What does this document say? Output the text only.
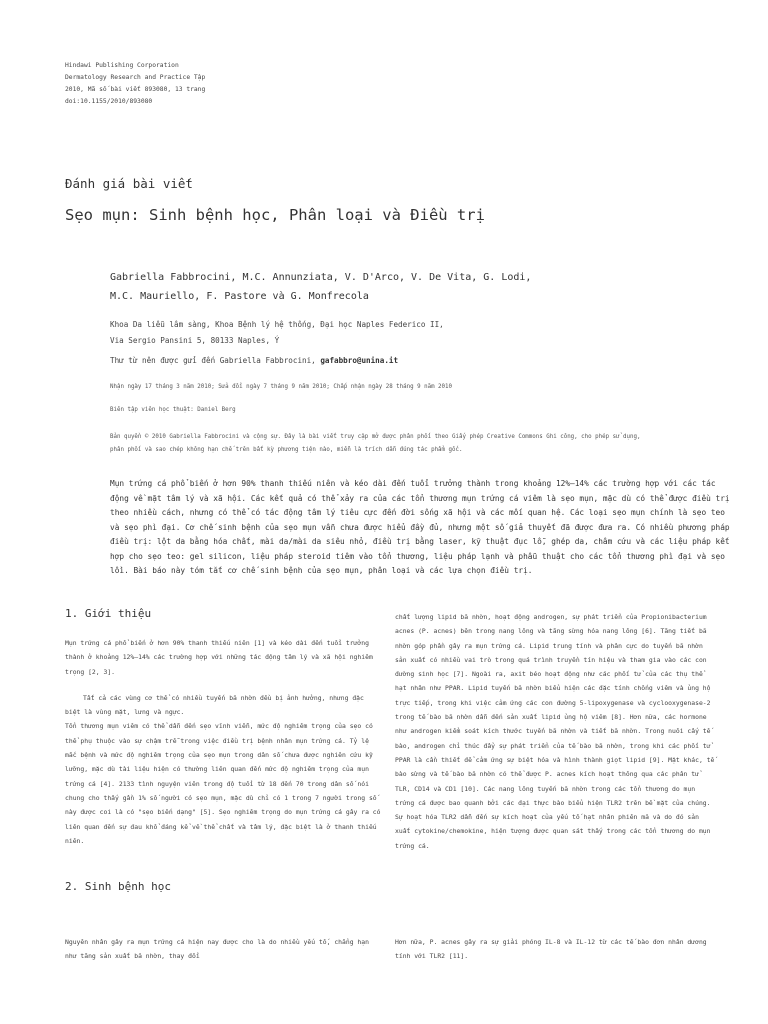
Hindawi Publishing Corporation
Dermatology Research and Practice Tập
2010, Mã số bài viết 893080, 13 trang
doi:10.1155/2010/893080
Đánh giá bài viết
Sẹo mụn: Sinh bệnh học, Phân loại và Điều trị
Gabriella Fabbrocini, M.C. Annunziata, V. D'Arco, V. De Vita, G. Lodi,
M.C. Mauriello, F. Pastore và G. Monfrecola
Khoa Da liễu lâm sàng, Khoa Bệnh lý hệ thống, Đại học Naples Federico II,
Via Sergio Pansini 5, 80133 Naples, Ý
Thư từ nên được gửi đến Gabriella Fabbrocini, gafabbro@unina.it
Nhận ngày 17 tháng 3 năm 2010; Sửa đổi ngày 7 tháng 9 năm 2010; Chấp nhận ngày 28 tháng 9 năm 2010
Biên tập viên học thuật: Daniel Berg
Bản quyền © 2010 Gabriella Fabbrocini và cộng sự. Đây là bài viết truy cập mở được phân phối theo Giấy phép Creative Commons Ghi công, cho phép sử dụng,
phân phối và sao chép không hạn chế trên bất kỳ phương tiện nào, miễn là trích dẫn đúng tác phẩm gốc.
Mụn trứng cá phổ biến ở hơn 90% thanh thiếu niên và kéo dài đến tuổi trưởng thành trong khoảng 12%–14% các trường hợp với các tác động về mặt tâm lý và xã hội. Các kết quả có thể xảy ra của các tổn thương mụn trứng cá viêm là sẹo mụn, mặc dù có thể được điều trị theo nhiều cách, nhưng có thể có tác động tâm lý tiêu cực đến đời sống xã hội và các mối quan hệ. Các loại sẹo mụn chính là sẹo teo và sẹo phì đại. Cơ chế sinh bệnh của sẹo mụn vẫn chưa được hiểu đầy đủ, nhưng một số giả thuyết đã được đưa ra. Có nhiều phương pháp điều trị: lột da bằng hóa chất, mài da/mài da siêu nhỏ, điều trị bằng laser, kỹ thuật đục lỗ, ghép da, châm cứu và các liệu pháp kết hợp cho sẹo teo: gel silicon, liệu pháp steroid tiêm vào tổn thương, liệu pháp lạnh và phẫu thuật cho các tổn thương phì đại và sẹo lồi. Bài báo này tóm tắt cơ chế sinh bệnh của sẹo mụn, phân loại và các lựa chọn điều trị.
1. Giới thiệu

Mụn trứng cá phổ biến ở hơn 90% thanh thiếu niên [1] và kéo dài đến tuổi trưởng thành ở khoảng 12%–14% các trường hợp với những tác động tâm lý và xã hội nghiêm trọng [2, 3].

Tất cả các vùng cơ thể có nhiều tuyến bã nhờn đều bị ảnh hưởng, nhưng đặc biệt là vùng mặt, lưng và ngực.

Tổn thương mụn viêm có thể dẫn đến sẹo vĩnh viễn, mức độ nghiêm trọng của sẹo có thể phụ thuộc vào sự chậm trễ trong việc điều trị bệnh nhân mụn trứng cá. Tỷ lệ mắc bệnh và mức độ nghiêm trọng của sẹo mụn trong dân số chưa được nghiên cứu kỹ lưỡng, mặc dù tài liệu hiện có thường liên quan đến mức độ nghiêm trọng của mụn trứng cá [4]. 2133 tình nguyện viên trong độ tuổi từ 18 đến 70 trong dân số nói chung cho thấy gần 1% số người có sẹo mụn, mặc dù chỉ có 1 trong 7 người trong số này được coi là có "sẹo biến dạng" [5]. Sẹo nghiêm trọng do mụn trứng cá gây ra có liên quan đến sự đau khổ đáng kể về thể chất và tâm lý, đặc biệt là ở thanh thiếu niên.

2. Sinh bệnh học

Nguyên nhân gây ra mụn trứng cá hiện nay được cho là do nhiều yếu tố, chẳng hạn như tăng sản xuất bã nhờn, thay đổi

chất lượng lipid bã nhờn, hoạt động androgen, sự phát triển của Propionibacterium acnes (P. acnes) bên trong nang lông và tăng sừng hóa nang lông [6]. Tăng tiết bã nhờn góp phần gây ra mụn trứng cá. Lipid trung tính và phân cực do tuyến bã nhờn sản xuất có nhiều vai trò trong quá trình truyền tín hiệu và tham gia vào các con đường sinh học [7]. Ngoài ra, axit béo hoạt động như các phối tử của các thụ thể hạt nhân như PPAR. Lipid tuyến bã nhờn biểu hiện các đặc tính chống viêm và ủng hộ trực tiếp, trong khi việc cảm ứng các con đường 5-lipoxygenase và cyclooxygenase-2 trong tế bào bã nhờn dẫn đến sản xuất lipid ủng hộ viêm [8]. Hơn nữa, các hormone như androgen kiểm soát kích thước tuyến bã nhờn và tiết bã nhờn. Trong nuôi cấy tế bào, androgen chỉ thúc đẩy sự phát triển của tế bào bã nhờn, trong khi các phối tử PPAR là cần thiết để cảm ứng sự biệt hóa và hình thành giọt lipid [9]. Mặt khác, tế bào sừng và tế bào bã nhờn có thể được P. acnes kích hoạt thông qua các phân tử TLR, CD14 và CD1 [10]. Các nang lông tuyến bã nhờn trong các tổn thương do mụn trứng cá được bao quanh bởi các đại thực bào biểu hiện TLR2 trên bề mặt của chúng. Sự hoạt hóa TLR2 dẫn đến sự kích hoạt của yếu tố hạt nhân phiên mã và do đó sản xuất cytokine/chemokine, hiện tượng được quan sát thấy trong các tổn thương do mụn trứng cá.

Hơn nữa, P. acnes gây ra sự giải phóng IL-8 và IL-12 từ các tế bào đơn nhân dương tính với TLR2 [11].
